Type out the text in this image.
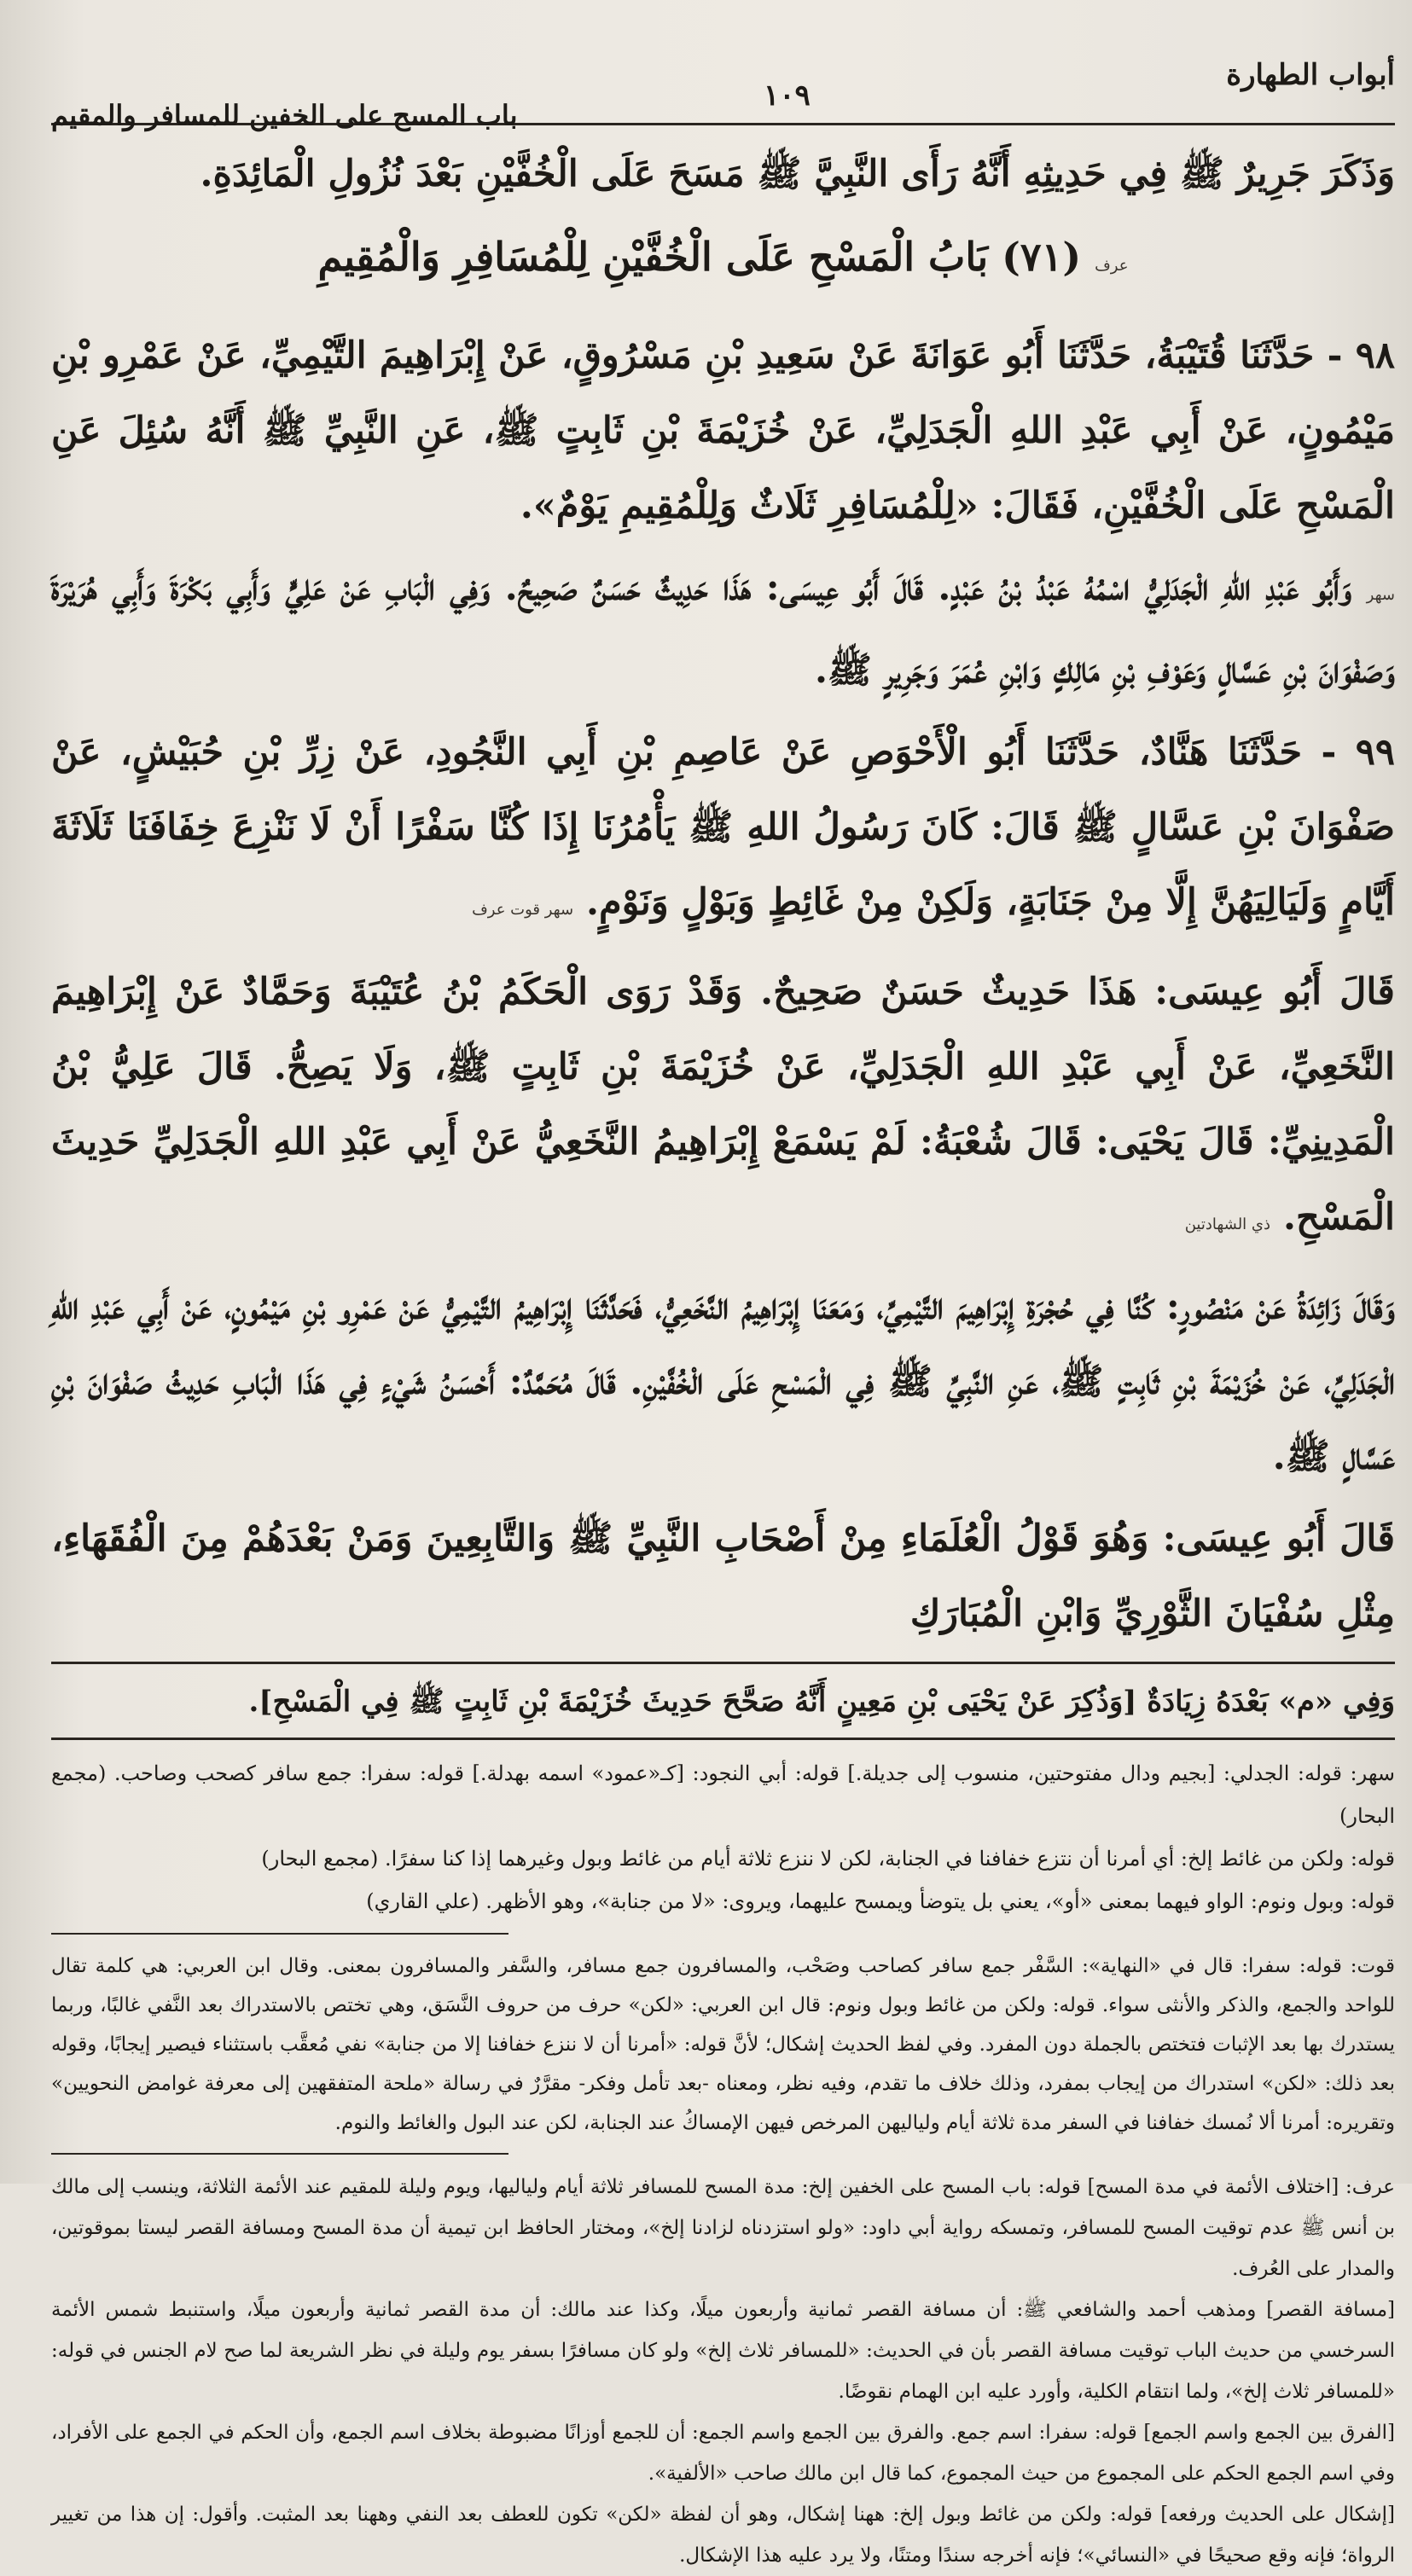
أبواب الطهارة
١٠٩
باب المسح على الخفين للمسافر والمقيم

وَذَكَرَ جَرِيرٌ ﷺ فِي حَدِيثِهِ أَنَّهُ رَأَى النَّبِيَّ ﷺ مَسَحَ عَلَى الْخُفَّيْنِ بَعْدَ نُزُولِ الْمَائِدَةِ.

عرف (٧١) بَابُ الْمَسْحِ عَلَى الْخُفَّيْنِ لِلْمُسَافِرِ وَالْمُقِيمِ

٩٨ - حَدَّثَنَا قُتَيْبَةُ، حَدَّثَنَا أَبُو عَوَانَةَ عَنْ سَعِيدِ بْنِ مَسْرُوقٍ، عَنْ إِبْرَاهِيمَ التَّيْمِيِّ، عَنْ عَمْرِو بْنِ مَيْمُونٍ، عَنْ أَبِي عَبْدِ اللهِ الْجَدَلِيِّ، عَنْ خُزَيْمَةَ بْنِ ثَابِتٍ ﷺ، عَنِ النَّبِيِّ ﷺ أَنَّهُ سُئِلَ عَنِ الْمَسْحِ عَلَى الْخُفَّيْنِ، فَقَالَ: «لِلْمُسَافِرِ ثَلَاثٌ وَلِلْمُقِيمِ يَوْمٌ».

سهر وَأَبُو عَبْدِ اللهِ الْجَدَلِيُّ اسْمُهُ عَبْدُ بْنُ عَبْدٍ. قَالَ أَبُو عِيسَى: هَذَا حَدِيثٌ حَسَنٌ صَحِيحٌ. وَفِي الْبَابِ عَنْ عَلِيٍّ وَأَبِي بَكْرَةَ وَأَبِي هُرَيْرَةَ وَصَفْوَانَ بْنِ عَسَّالٍ وَعَوْفِ بْنِ مَالِكٍ وَابْنِ عُمَرَ وَجَرِيرٍ ﷺ.

٩٩ - حَدَّثَنَا هَنَّادٌ، حَدَّثَنَا أَبُو الْأَحْوَصِ عَنْ عَاصِمِ بْنِ أَبِي النَّجُودِ، عَنْ زِرِّ بْنِ حُبَيْشٍ، عَنْ صَفْوَانَ بْنِ عَسَّالٍ ﷺ قَالَ: كَانَ رَسُولُ اللهِ ﷺ يَأْمُرُنَا إِذَا كُنَّا سَفْرًا أَنْ لَا نَنْزِعَ خِفَافَنَا ثَلَاثَةَ أَيَّامٍ وَلَيَالِيَهُنَّ إِلَّا مِنْ جَنَابَةٍ، وَلَكِنْ مِنْ غَائِطٍ وَبَوْلٍ وَنَوْمٍ. سهر قوت عرف

قَالَ أَبُو عِيسَى: هَذَا حَدِيثٌ حَسَنٌ صَحِيحٌ. وَقَدْ رَوَى الْحَكَمُ بْنُ عُتَيْبَةَ وَحَمَّادٌ عَنْ إِبْرَاهِيمَ النَّخَعِيِّ، عَنْ أَبِي عَبْدِ اللهِ الْجَدَلِيِّ، عَنْ خُزَيْمَةَ بْنِ ثَابِتٍ ﷺ، وَلَا يَصِحُّ. قَالَ عَلِيُّ بْنُ الْمَدِينِيِّ: قَالَ يَحْيَى: قَالَ شُعْبَةُ: لَمْ يَسْمَعْ إِبْرَاهِيمُ النَّخَعِيُّ عَنْ أَبِي عَبْدِ اللهِ الْجَدَلِيِّ حَدِيثَ الْمَسْحِ. ذي الشهادتين

وَقَالَ زَائِدَةُ عَنْ مَنْصُورٍ: كُنَّا فِي حُجْرَةِ إِبْرَاهِيمَ التَّيْمِيِّ، وَمَعَنَا إِبْرَاهِيمُ النَّخَعِيُّ، فَحَدَّثَنَا إِبْرَاهِيمُ التَّيْمِيُّ عَنْ عَمْرِو بْنِ مَيْمُونٍ، عَنْ أَبِي عَبْدِ اللهِ الْجَدَلِيِّ، عَنْ خُزَيْمَةَ بْنِ ثَابِتٍ ﷺ، عَنِ النَّبِيِّ ﷺ فِي الْمَسْحِ عَلَى الْخُفَّيْنِ. قَالَ مُحَمَّدٌ: أَحْسَنُ شَيْءٍ فِي هَذَا الْبَابِ حَدِيثُ صَفْوَانَ بْنِ عَسَّالٍ ﷺ.

قَالَ أَبُو عِيسَى: وَهُوَ قَوْلُ الْعُلَمَاءِ مِنْ أَصْحَابِ النَّبِيِّ ﷺ وَالتَّابِعِينَ وَمَنْ بَعْدَهُمْ مِنَ الْفُقَهَاءِ، مِثْلِ سُفْيَانَ الثَّوْرِيِّ وَابْنِ الْمُبَارَكِ

وَفِي «م» بَعْدَهُ زِيَادَةٌ [وَذُكِرَ عَنْ يَحْيَى بْنِ مَعِينٍ أَنَّهُ صَحَّحَ حَدِيثَ خُزَيْمَةَ بْنِ ثَابِتٍ ﷺ فِي الْمَسْحِ].

سهر: قوله: الجدلي: [بجيم ودال مفتوحتين، منسوب إلى جديلة.] قوله: أبي النجود: [كـ«عمود» اسمه بهدلة.] قوله: سفرا: جمع سافر كصحب وصاحب. (مجمع البحار)

قوله: ولكن من غائط إلخ: أي أمرنا أن نتزع خفافنا في الجنابة، لكن لا ننزع ثلاثة أيام من غائط وبول وغيرهما إذا كنا سفرًا. (مجمع البحار)

قوله: وبول ونوم: الواو فيهما بمعنى «أو»، يعني بل يتوضأ ويمسح عليهما، ويروى: «لا من جنابة»، وهو الأظهر. (علي القاري)

قوت: قوله: سفرا: قال في «النهاية»: السَّفْر جمع سافر كصاحب وصَحْب، والمسافرون جمع مسافر، والسَّفر والمسافرون بمعنى. وقال ابن العربي: هي كلمة تقال للواحد والجمع، والذكر والأنثى سواء. قوله: ولكن من غائط وبول ونوم: قال ابن العربي: «لكن» حرف من حروف النَّسَق، وهي تختص بالاستدراك بعد النَّفي غالبًا، وربما يستدرك بها بعد الإثبات فتختص بالجملة دون المفرد. وفي لفظ الحديث إشكال؛ لأنَّ قوله: «أمرنا أن لا ننزع خفافنا إلا من جنابة» نفي مُعقَّب باستثناء فيصير إيجابًا، وقوله بعد ذلك: «لكن» استدراك من إيجاب بمفرد، وذلك خلاف ما تقدم، وفيه نظر، ومعناه -بعد تأمل وفكر- مقرَّرٌ في رسالة «ملحة المتفقهين إلى معرفة غوامض النحويين» وتقريره: أمرنا ألا نُمسك خفافنا في السفر مدة ثلاثة أيام ولياليهن المرخص فيهن الإمساكُ عند الجنابة، لكن عند البول والغائط والنوم.

عرف: [اختلاف الأئمة في مدة المسح] قوله: باب المسح على الخفين إلخ: مدة المسح للمسافر ثلاثة أيام ولياليها، ويوم وليلة للمقيم عند الأئمة الثلاثة، وينسب إلى مالك بن أنس ﷺ عدم توقيت المسح للمسافر، وتمسكه رواية أبي داود: «ولو استزدناه لزادنا إلخ»، ومختار الحافظ ابن تيمية أن مدة المسح ومسافة القصر ليستا بموقوتين، والمدار على العُرف.

[مسافة القصر] ومذهب أحمد والشافعي ﷺ: أن مسافة القصر ثمانية وأربعون ميلًا، وكذا عند مالك: أن مدة القصر ثمانية وأربعون ميلًا، واستنبط شمس الأئمة السرخسي من حديث الباب توقيت مسافة القصر بأن في الحديث: «للمسافر ثلاث إلخ» ولو كان مسافرًا بسفر يوم وليلة في نظر الشريعة لما صح لام الجنس في قوله: «للمسافر ثلاث إلخ»، ولما انتقام الكلية، وأورد عليه ابن الهمام نقوضًا.

[الفرق بين الجمع واسم الجمع] قوله: سفرا: اسم جمع. والفرق بين الجمع واسم الجمع: أن للجمع أوزانًا مضبوطة بخلاف اسم الجمع، وأن الحكم في الجمع على الأفراد، وفي اسم الجمع الحكم على المجموع من حيث المجموع، كما قال ابن مالك صاحب «الألفية».

[إشكال على الحديث ورفعه] قوله: ولكن من غائط وبول إلخ: ههنا إشكال، وهو أن لفظة «لكن» تكون للعطف بعد النفي وههنا بعد المثبت. وأقول: إن هذا من تغيير الرواة؛ فإنه وقع صحيحًا في «النسائي»؛ فإنه أخرجه سندًا ومتنًا، ولا يرد عليه هذا الإشكال.
